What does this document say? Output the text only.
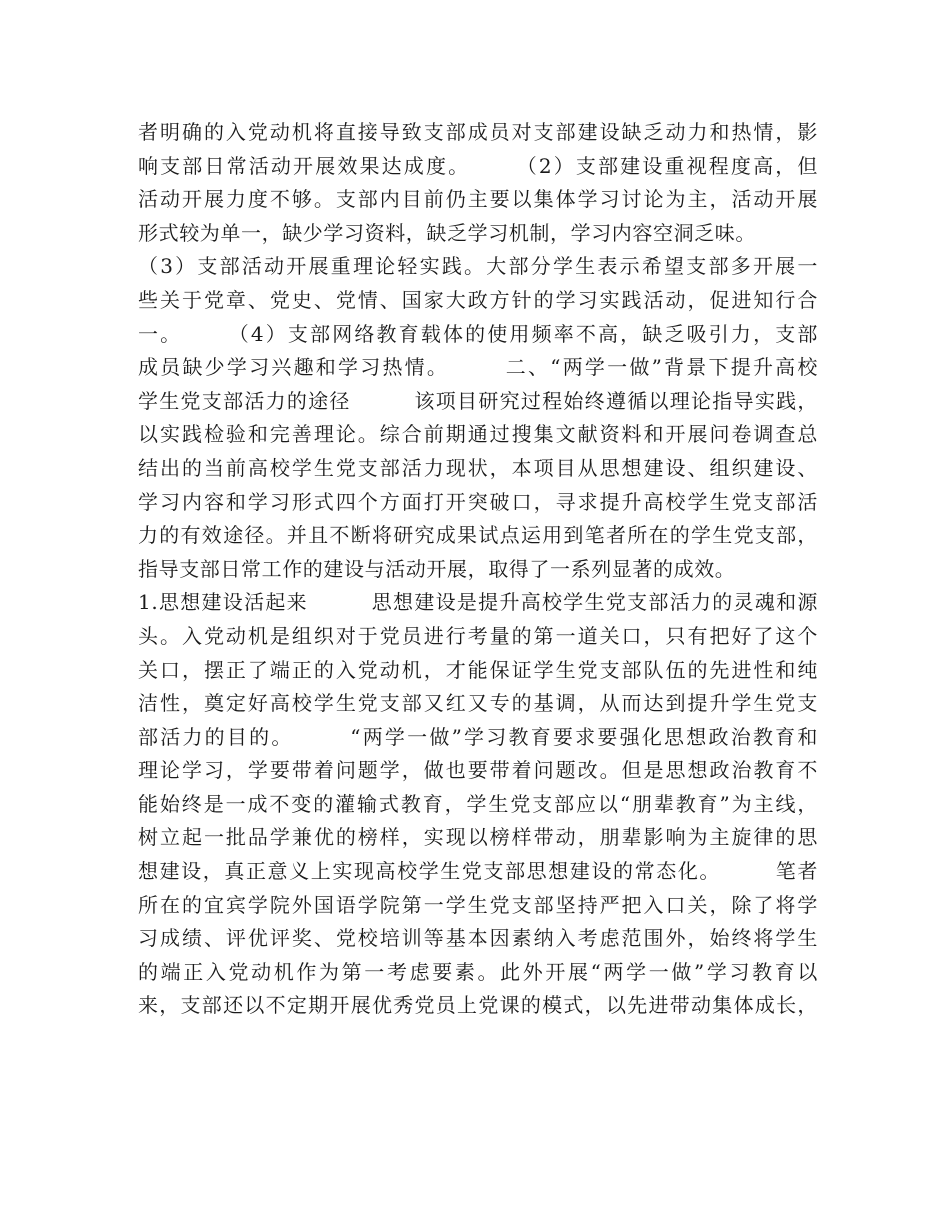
者明确的入党动机将直接导致支部成员对支部建设缺乏动力和热情，影
响支部日常活动开展效果达成度。　　　（2）支部建设重视程度高，但
活动开展力度不够。支部内目前仍主要以集体学习讨论为主，活动开展
形式较为单一，缺少学习资料，缺乏学习机制，学习内容空洞乏味。
（3）支部活动开展重理论轻实践。大部分学生表示希望支部多开展一
些关于党章、党史、党情、国家大政方针的学习实践活动，促进知行合
一。　　　（4）支部网络教育载体的使用频率不高，缺乏吸引力，支部
成员缺少学习兴趣和学习热情。　　　二、“两学一做”背景下提升高校
学生党支部活力的途径　　　该项目研究过程始终遵循以理论指导实践，
以实践检验和完善理论。综合前期通过搜集文献资料和开展问卷调查总
结出的当前高校学生党支部活力现状，本项目从思想建设、组织建设、
学习内容和学习形式四个方面打开突破口，寻求提升高校学生党支部活
力的有效途径。并且不断将研究成果试点运用到笔者所在的学生党支部，
指导支部日常工作的建设与活动开展，取得了一系列显著的成效。
1.思想建设活起来　　　思想建设是提升高校学生党支部活力的灵魂和源
头。入党动机是组织对于党员进行考量的第一道关口，只有把好了这个
关口，摆正了端正的入党动机，才能保证学生党支部队伍的先进性和纯
洁性，奠定好高校学生党支部又红又专的基调，从而达到提升学生党支
部活力的目的。　　　“两学一做”学习教育要求要强化思想政治教育和
理论学习，学要带着问题学，做也要带着问题改。但是思想政治教育不
能始终是一成不变的灌输式教育，学生党支部应以“朋辈教育”为主线，
树立起一批品学兼优的榜样，实现以榜样带动，朋辈影响为主旋律的思
想建设，真正意义上实现高校学生党支部思想建设的常态化。　　　笔者
所在的宜宾学院外国语学院第一学生党支部坚持严把入口关，除了将学
习成绩、评优评奖、党校培训等基本因素纳入考虑范围外，始终将学生
的端正入党动机作为第一考虑要素。此外开展“两学一做”学习教育以
来，支部还以不定期开展优秀党员上党课的模式，以先进带动集体成长，
